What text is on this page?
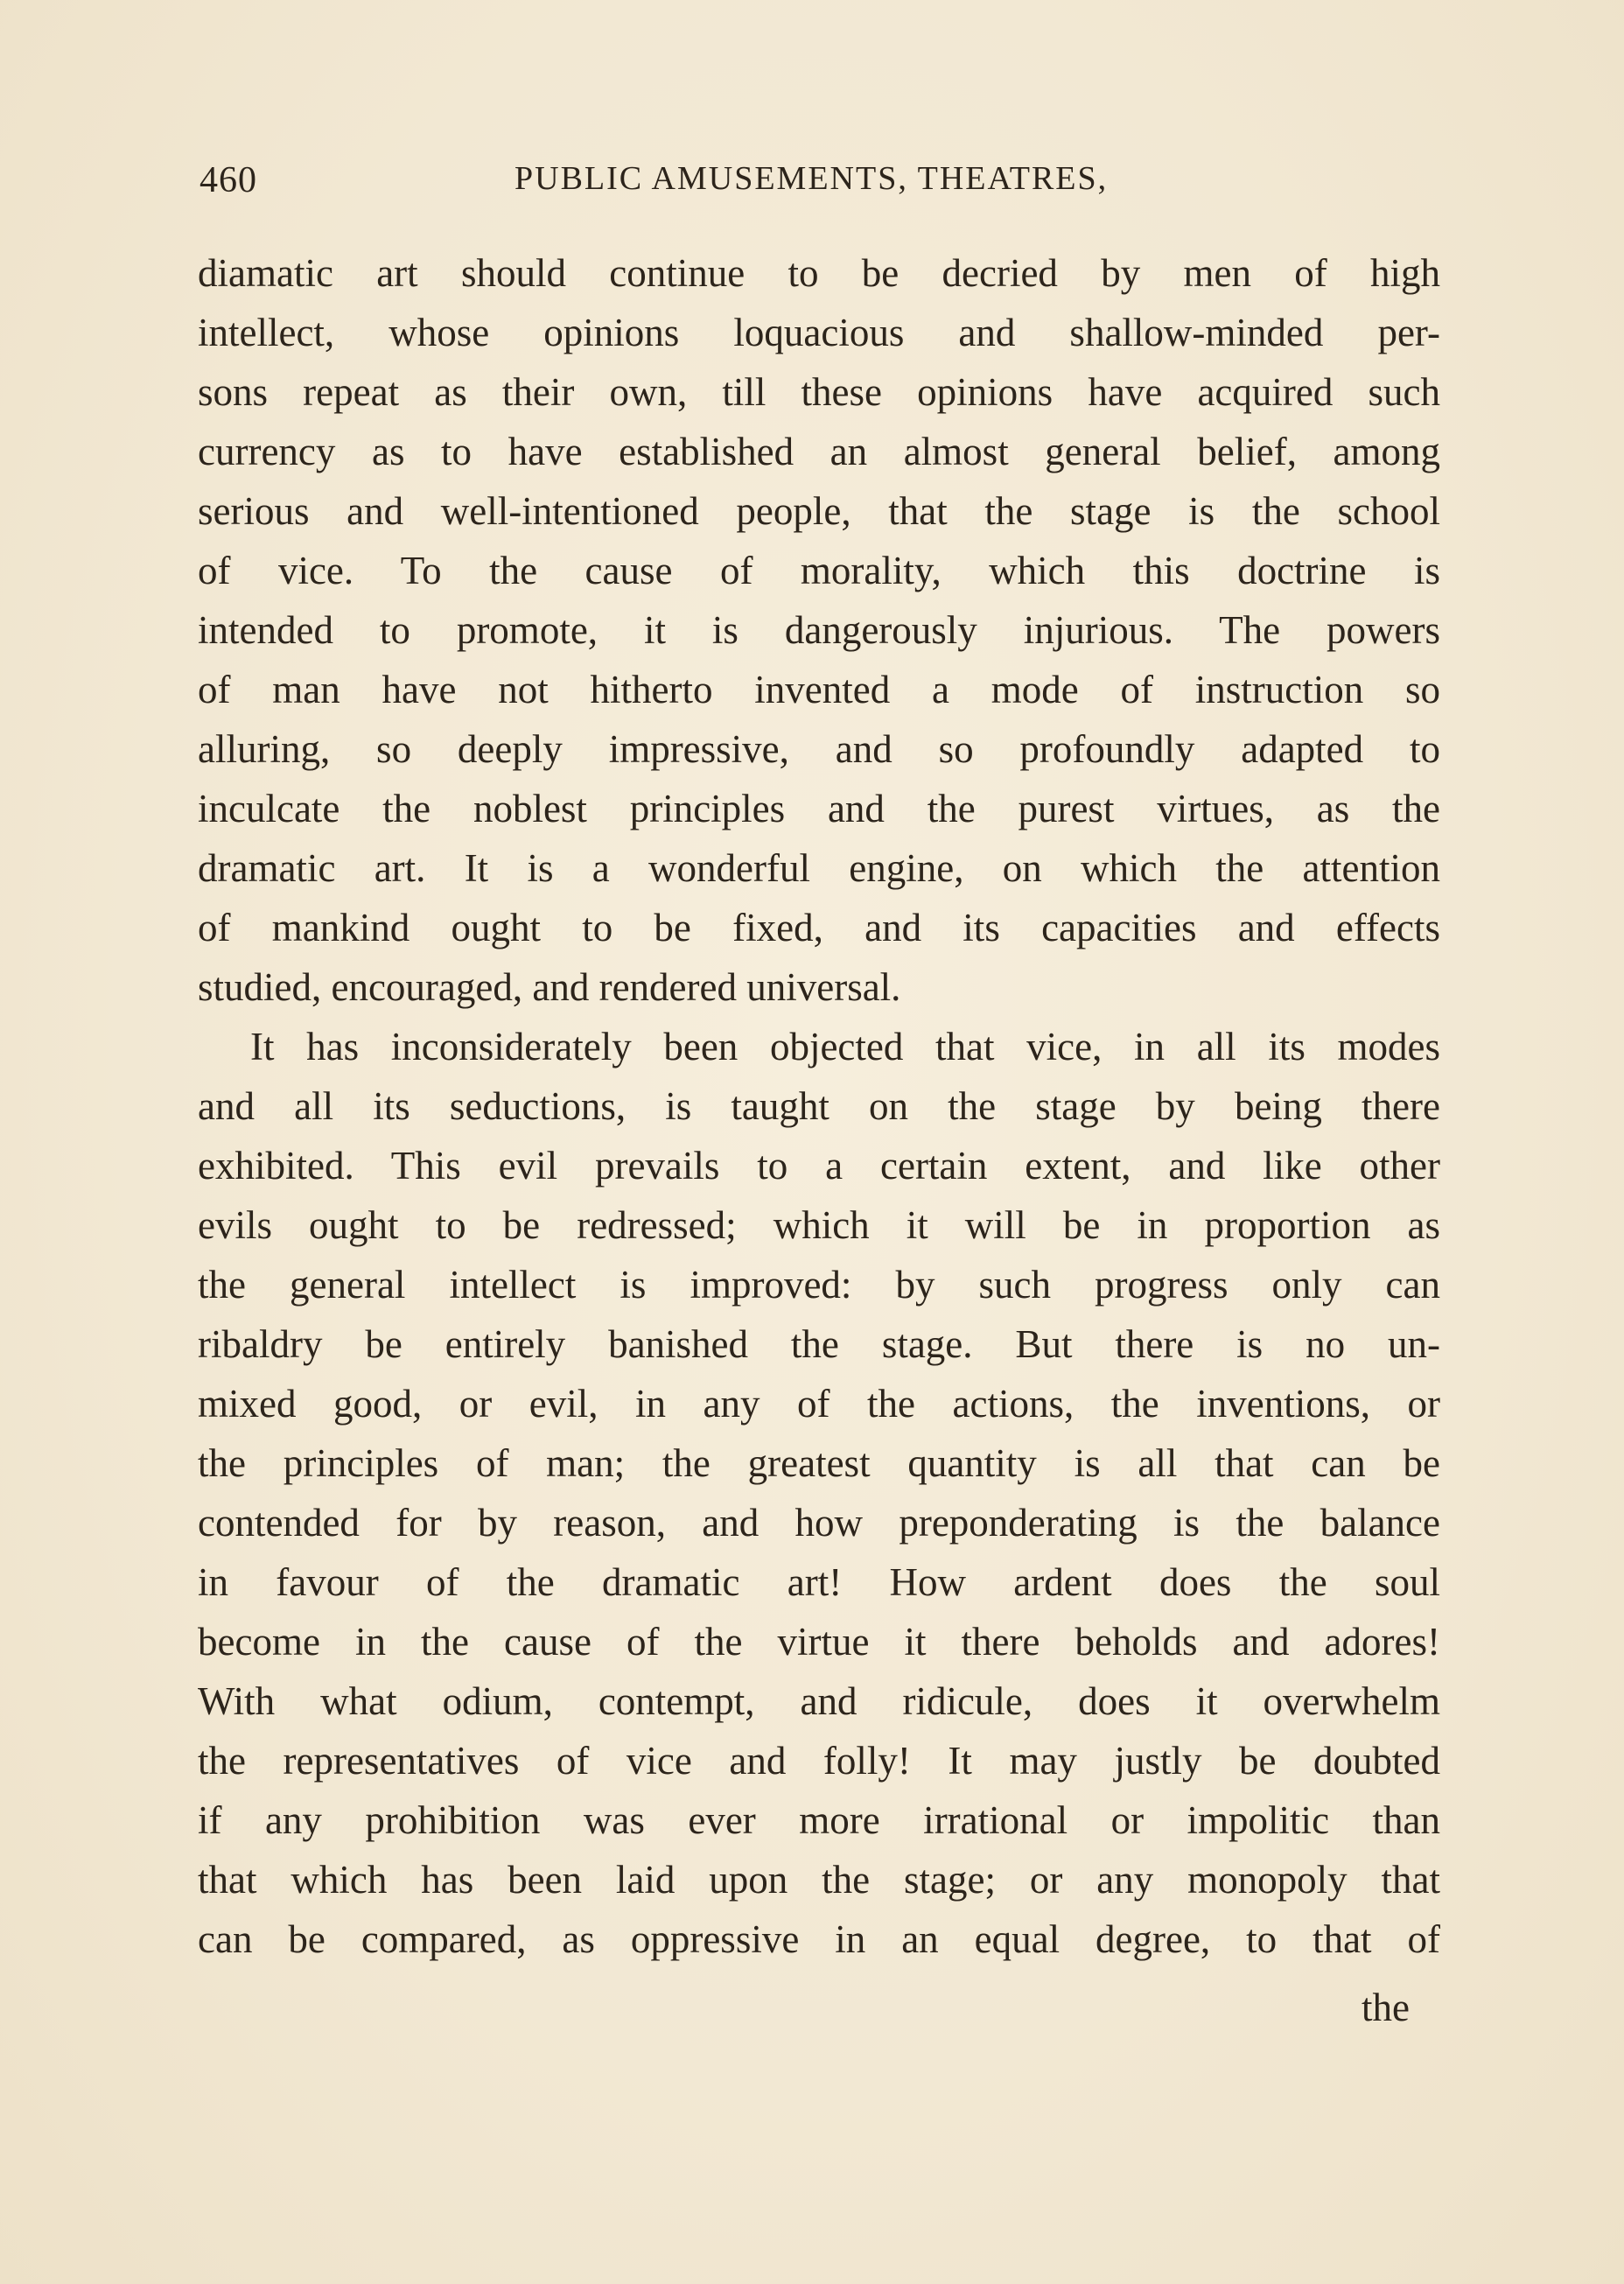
460	PUBLIC AMUSEMENTS, THEATRES,
diamatic art should continue to be decried by men of high
intellect, whose opinions loquacious and shallow-minded per-
sons repeat as their own, till these opinions have acquired such
currency as to have established an almost general belief, among
serious and well-intentioned people, that the stage is the school
of vice. To the cause of morality, which this doctrine is
intended to promote, it is dangerously injurious. The powers
of man have not hitherto invented a mode of instruction so
alluring, so deeply impressive, and so profoundly adapted to
inculcate the noblest principles and the purest virtues, as the
dramatic art. It is a wonderful engine, on which the attention
of mankind ought to be fixed, and its capacities and effects
studied, encouraged, and rendered universal.
It has inconsiderately been objected that vice, in all its modes
and all its seductions, is taught on the stage by being there
exhibited. This evil prevails to a certain extent, and like other
evils ought to be redressed; which it will be in proportion as
the general intellect is improved: by such progress only can
ribaldry be entirely banished the stage. But there is no un-
mixed good, or evil, in any of the actions, the inventions, or
the principles of man; the greatest quantity is all that can be
contended for by reason, and how preponderating is the balance
in favour of the dramatic art! How ardent does the soul
become in the cause of the virtue it there beholds and adores!
With what odium, contempt, and ridicule, does it overwhelm
the representatives of vice and folly! It may justly be doubted
if any prohibition was ever more irrational or impolitic than
that which has been laid upon the stage; or any monopoly that
can be compared, as oppressive in an equal degree, to that of
the
